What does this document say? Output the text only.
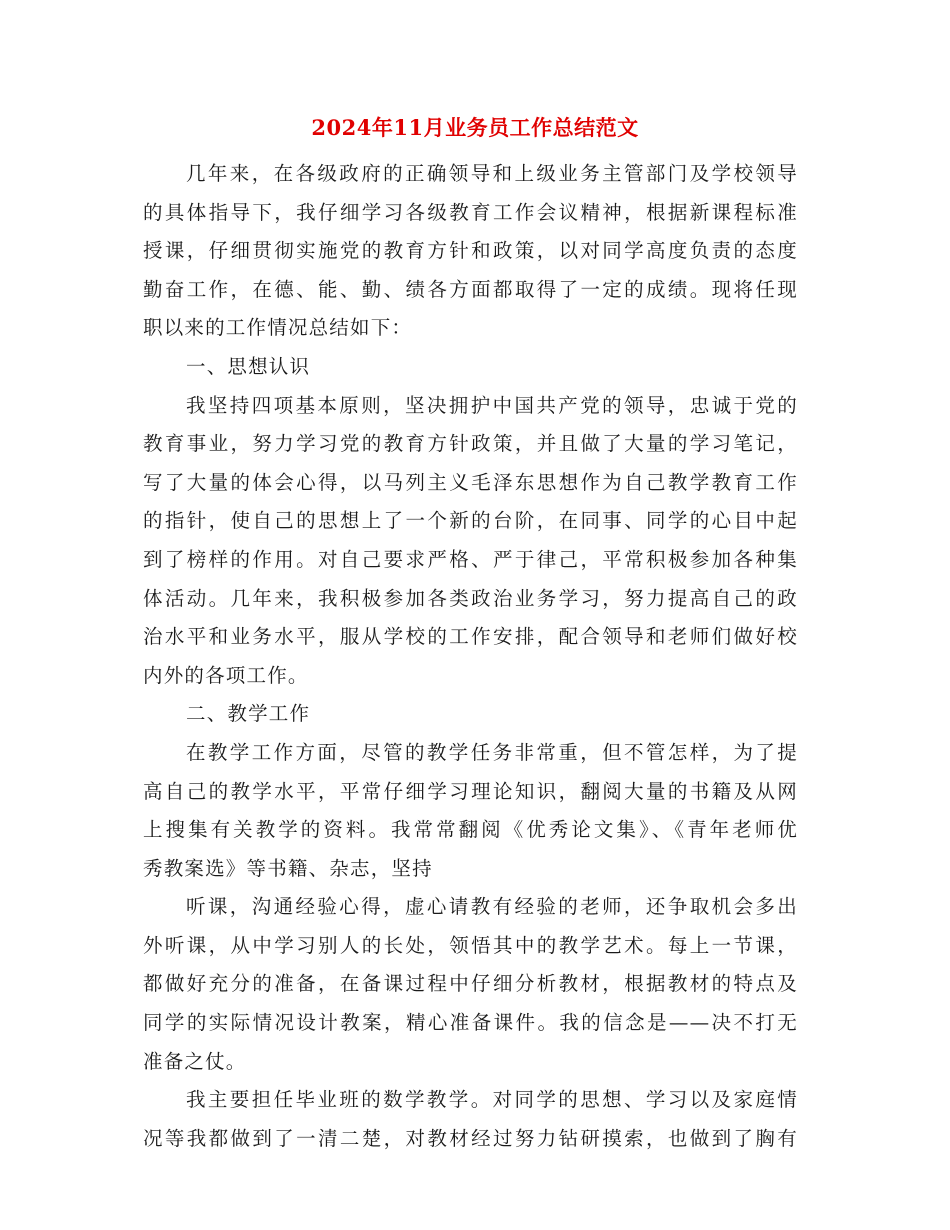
2024年11月业务员工作总结范文
几年来，在各级政府的正确领导和上级业务主管部门及学校领导
的具体指导下，我仔细学习各级教育工作会议精神，根据新课程标准
授课，仔细贯彻实施党的教育方针和政策，以对同学高度负责的态度
勤奋工作，在德、能、勤、绩各方面都取得了一定的成绩。现将任现
职以来的工作情况总结如下：
一、思想认识
我坚持四项基本原则，坚决拥护中国共产党的领导，忠诚于党的
教育事业，努力学习党的教育方针政策，并且做了大量的学习笔记，
写了大量的体会心得，以马列主义毛泽东思想作为自己教学教育工作
的指针，使自己的思想上了一个新的台阶，在同事、同学的心目中起
到了榜样的作用。对自己要求严格、严于律己，平常积极参加各种集
体活动。几年来，我积极参加各类政治业务学习，努力提高自己的政
治水平和业务水平，服从学校的工作安排，配合领导和老师们做好校
内外的各项工作。
二、教学工作
在教学工作方面，尽管的教学任务非常重，但不管怎样，为了提
高自己的教学水平，平常仔细学习理论知识，翻阅大量的书籍及从网
上搜集有关教学的资料。我常常翻阅《优秀论文集》、《青年老师优
秀教案选》等书籍、杂志，坚持
听课，沟通经验心得，虚心请教有经验的老师，还争取机会多出
外听课，从中学习别人的长处，领悟其中的教学艺术。每上一节课，
都做好充分的准备，在备课过程中仔细分析教材，根据教材的特点及
同学的实际情况设计教案，精心准备课件。我的信念是——决不打无
准备之仗。
我主要担任毕业班的数学教学。对同学的思想、学习以及家庭情
况等我都做到了一清二楚，对教材经过努力钻研摸索，也做到了胸有
